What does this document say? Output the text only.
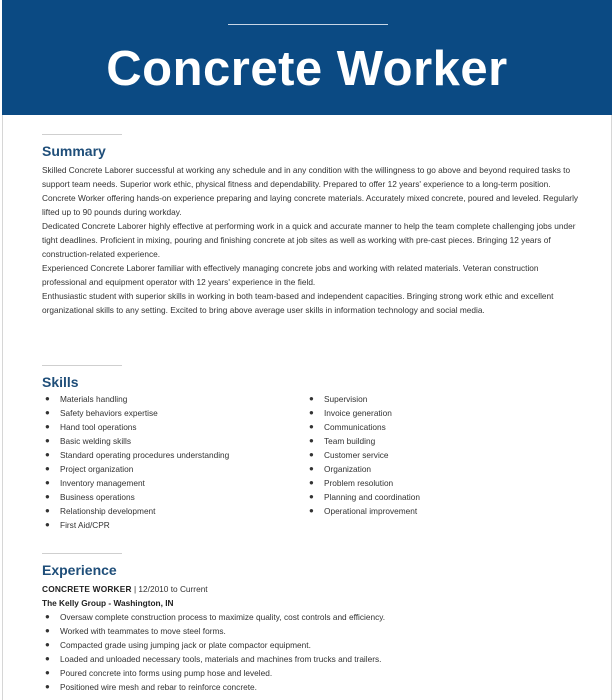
Concrete Worker
Summary

Skilled Concrete Laborer successful at working any schedule and in any condition with the willingness to go above and beyond required tasks to support team needs. Superior work ethic, physical fitness and dependability. Prepared to offer 12 years' experience to a long-term position.

Concrete Worker offering hands-on experience preparing and laying concrete materials. Accurately mixed concrete, poured and leveled. Regularly lifted up to 90 pounds during workday.

Dedicated Concrete Laborer highly effective at performing work in a quick and accurate manner to help the team complete challenging jobs under tight deadlines. Proficient in mixing, pouring and finishing concrete at job sites as well as working with pre-cast pieces. Bringing 12 years of construction-related experience.

Experienced Concrete Laborer familiar with effectively managing concrete jobs and working with related materials. Veteran construction professional and equipment operator with 12 years' experience in the field.

Enthusiastic student with superior skills in working in both team-based and independent capacities. Bringing strong work ethic and excellent organizational skills to any setting. Excited to bring above average user skills in information technology and social media.

Skills
● Materials handling
● Safety behaviors expertise
● Hand tool operations
● Basic welding skills
● Standard operating procedures understanding
● Project organization
● Inventory management
● Business operations
● Relationship development
● First Aid/CPR
● Supervision
● Invoice generation
● Communications
● Team building
● Customer service
● Organization
● Problem resolution
● Planning and coordination
● Operational improvement
Experience
CONCRETE WORKER | 12/2010 to Current
The Kelly Group - Washington, IN
● Oversaw complete construction process to maximize quality, cost controls and efficiency.
● Worked with teammates to move steel forms.
● Compacted grade using jumping jack or plate compactor equipment.
● Loaded and unloaded necessary tools, materials and machines from trucks and trailers.
● Poured concrete into forms using pump hose and leveled.
● Positioned wire mesh and rebar to reinforce concrete.
